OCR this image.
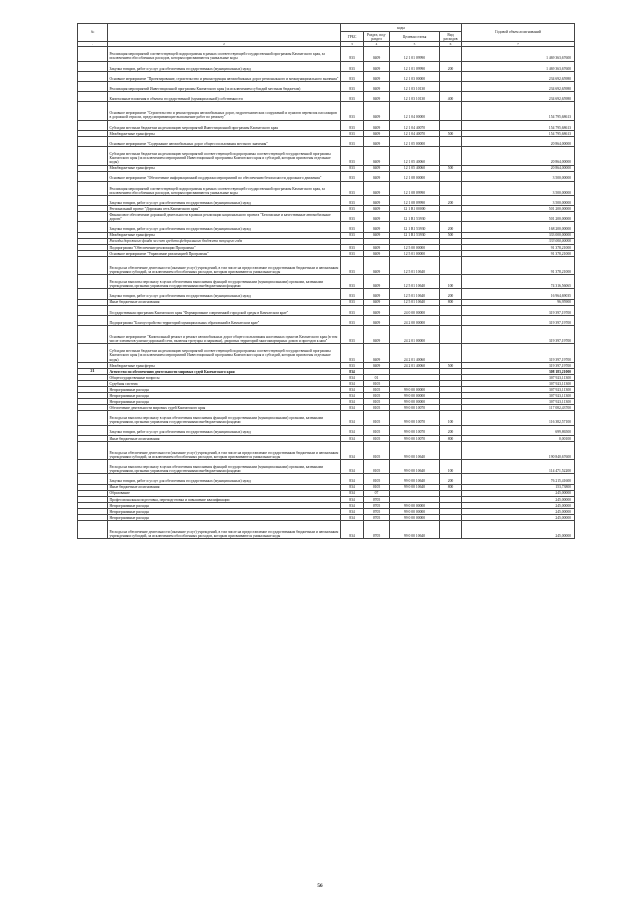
№		коды				Годовой объем ассигнований
		ГРБС	Раздел, под-раздел	Целевая статья	Вид расходов	
.	2	3	4	5	6	7
	Реализация мероприятий соответствующей подпрограммы в рамках соответствующей государственной программы Камчатского края, за исключением обособленных расходов, которым присваиваются уникальные коды	833	0409	12 1 01 09990		1 469 363,67600
	Закупка товаров, работ и услуг для обеспечения государственных (муниципальных) нужд	833	0409	12 1 01 09990	200	1 469 363,67600
	Основное мероприятие "Проектирование, строительство и реконструкция автомобильных дорог регионального и межмуниципального значения"	833	0409	12 1 03 00000		234 692,65980
	Реализация мероприятий Инвестиционной программы Камчатского края (за исключением субсидий местным бюджетам)	833	0409	12 1 03 10130		234 692,65980
	Капитальные вложения в объекты государственной (муниципальной) собственности	833	0409	12 1 03 10130	400	234 692,65980
	Основное мероприятие "Строительство и реконструкция автомобильных дорог, гидротехнических сооружений и пунктов перевозок пассажиров в дорожной отрасли, предусматривающие выполнение работ по ремонту"	833	0409	12 1 04 00000		154 795,68613
	Субсидии местным бюджетам на реализацию мероприятий Инвестиционной программы Камчатского края	833	0409	12 1 04 40070		154 795,68613
	Межбюджетные трансферты	833	0409	12 1 04 40070	500	154 795,68613
	Основное мероприятие "Содержание автомобильных дорог общего пользования местного значения"	833	0409	12 1 05 00000		20 864,00000
	Субсидии местным бюджетам на реализацию мероприятий соответствующей подпрограммы соответствующей государственной программы Камчатского края (за исключением мероприятий Инвестиционной программы Камчатского края и субсидий, которым присвоены отдельные коды)	833	0409	12 1 05 40060		20 864,00000
	Межбюджетные трансферты	833	0409	12 1 05 40060	500	20 864,00000
	Основное мероприятие "Обеспечение информационной поддержки мероприятий по обеспечению безопасности дорожного движения"	833	0409	12 1 08 00000		3 500,00000
	Реализация мероприятий соответствующей подпрограммы в рамках соответствующей государственной программы Камчатского края, за исключением обособленных расходов, которым присваиваются уникальные коды	833	0409	12 1 08 09990		3 500,00000
	Закупка товаров, работ и услуг для обеспечения государственных (муниципальных) нужд	833	0409	12 1 08 09990	200	3 500,00000
	Региональный проект "Дорожная сеть Камчатского края"	833	0409	12 1 R1 00000		501 200,00000
	Финансовое обеспечение дорожной деятельности в рамках реализации национального проекта "Безопасные и качественные автомобильные дороги"	833	0409	12 1 R1 53930		501 200,00000
	Закупка товаров, работ и услуг для обеспечения государственных (муниципальных) нужд	833	0409	12 1 R1 53930	200	168 200,00000
	Межбюджетные трансферты	833	0409	12 1 R1 53930	500	333 000,00000
	Расходы дорожного фонда за счет средств федерального бюджета текущего года					333 000,00000
	Подпрограмма "Обеспечение реализации Программы"	833	0409	12 5 00 00000		91 378,21000
	Основное мероприятие "Управление реализацией Программы"	833	0409	12 5 01 00000		91 378,21000
	Расходы на обеспечение деятельности (оказание услуг) учреждений, в том числе на предоставление государственным бюджетным и автономным учреждениям субсидий, за исключением обособленных расходов, которым присваиваются уникальные коды	833	0409	12 5 01 10640		91 378,21000
	Расходы на выплаты персоналу в целях обеспечения выполнения функций государственными (муниципальными) органами, казенными учреждениями, органами управления государственными внебюджетными фондами	833	0409	12 5 01 10640	100	74 316,56065
	Закупка товаров, работ и услуг для обеспечения государственных (муниципальных) нужд	833	0409	12 5 01 10640	200	16 964,69035
	Иные бюджетные ассигнования	833	0409	12 5 01 10640	800	96,95900
	Государственная программа Камчатского края "Формирование современной городской среды в Камчатском крае"	833	0409	24 0 00 00000		319 397,19700
	Подпрограмма "Благоустройство территорий муниципальных образований в Камчатском крае"	833	0409	24 2 00 00000		319 397,19700
	Основное мероприятие "Капитальный ремонт и ремонт автомобильных дорог общего пользования населенных пунктов Камчатского края (в том числе элементов улично-дорожной сети, включая тротуары и парковки), дворовых территорий многоквартирных домов и проездов к ним"	833	0409	24 2 01 00000		319 397,19700
	Субсидии местным бюджетам на реализацию мероприятий соответствующей подпрограммы соответствующей государственной программы Камчатского края (за исключением мероприятий Инвестиционной программы Камчатского края и субсидий, которым присвоены отдельные коды)	833	0409	24 2 01 40060		319 397,19700
	Межбюджетные трансферты	833	0409	24 2 01 40060	500	319 397,19700
21	Агентство по обеспечению деятельности мировых судей Камчатского края	834				308 183,21000
	Общегосударственные вопросы	834	01			307 923,11300
	Судебная система	834	0105			307 923,11300
	Непрограммные расходы	834	0105	99 0 00 00000		307 923,11300
	Непрограммные расходы	834	0105	99 0 00 00000		307 923,11300
	Непрограммные расходы	834	0105	99 0 00 00000		307 923,11300
	Обеспечение деятельности мировых судей Камчатского края	834	0105	99 0 00 10070		117 082,43700
	Расходы на выплаты персоналу в целях обеспечения выполнения функций государственными (муниципальными) органами, казенными учреждениями, органами управления государственными внебюджетными фондами	834	0105	99 0 00 10070	100	116 382,57100
	Закупка товаров, работ и услуг для обеспечения государственных (муниципальных) нужд	834	0105	99 0 00 10070	200	699,86500
	Иные бюджетные ассигнования	834	0105	99 0 00 10070	800	0,00100
	Расходы на обеспечение деятельности (оказание услуг) учреждений, в том числе на предоставление государственным бюджетным и автономным учреждениям субсидий, за исключением обособленных расходов, которым присваиваются уникальные коды	834	0105	99 0 00 10640		190 840,67600
	Расходы на выплаты персоналу в целях обеспечения выполнения функций государственными (муниципальными) органами, казенными учреждениями, органами управления государственными внебюджетными фондами	834	0105	99 0 00 10640	100	114 471,52200
	Закупка товаров, работ и услуг для обеспечения государственных (муниципальных) нужд	834	0105	99 0 00 10640	200	76 215,41600
	Иные бюджетные ассигнования	834	0105	99 0 00 10640	800	153,73800
	Образование	834	07			245,00000
	Профессиональная подготовка, переподготовка и повышение квалификации	834	0705			245,00000
	Непрограммные расходы	834	0705	99 0 00 00000		245,00000
	Непрограммные расходы	834	0705	99 0 00 00000		245,00000
	Непрограммные расходы	834	0705	99 0 00 00000		245,00000
	Расходы на обеспечение деятельности (оказание услуг) учреждений, в том числе на предоставление государственным бюджетным и автономным учреждениям субсидий, за исключением обособленных расходов, которым присваиваются уникальные коды	834	0705	99 0 00 10640		245,00000
56
